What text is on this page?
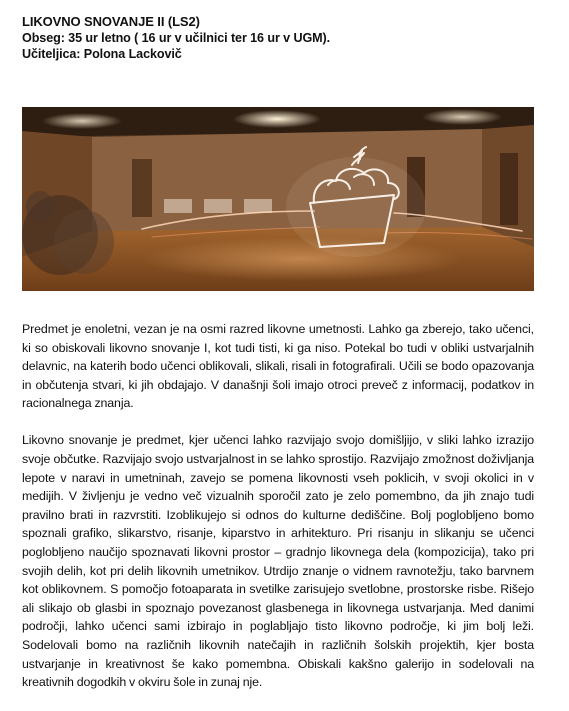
LIKOVNO SNOVANJE II (LS2)
Obseg: 35 ur letno ( 16 ur v učilnici ter 16 ur v UGM).
Učiteljica: Polona Lackovič

Predmet je enoletni, vezan je na osmi razred likovne umetnosti. Lahko ga zberejo, tako učenci, ki so obiskovali likovno snovanje I, kot tudi tisti, ki ga niso. Potekal bo tudi v obliki ustvarjalnih delavnic, na katerih bodo učenci oblikovali, slikali, risali in fotografirali. Učili se bodo opazovanja in občutenja stvari, ki jih obdajajo. V današnji šoli imajo otroci preveč z informacij, podatkov in racionalnega znanja.

Likovno snovanje je predmet, kjer učenci lahko razvijajo svojo domišljijo, v sliki lahko izrazijo svoje občutke. Razvijajo svojo ustvarjalnost in se lahko sprostijo. Razvijajo zmožnost doživljanja lepote v naravi in umetninah, zavejo se pomena likovnosti vseh poklicih, v svoji okolici in v medijih. V življenju je vedno več vizualnih sporočil zato je zelo pomembno, da jih znajo tudi pravilno brati in razvrstiti. Izoblikujejo si odnos do kulturne dediščine. Bolj poglobljeno bomo spoznali grafiko, slikarstvo, risanje, kiparstvo in arhitekturo. Pri risanju in slikanju se učenci poglobljeno naučijo spoznavati likovni prostor – gradnjo likovnega dela (kompozicija), tako pri svojih delih, kot pri delih likovnih umetnikov. Utrdijo znanje o vidnem ravnotežju, tako barvnem kot oblikovnem. S pomočjo fotoaparata in svetilke zarisujejo svetlobne, prostorske risbe. Rišejo ali slikajo ob glasbi in spoznajo povezanost glasbenega in likovnega ustvarjanja. Med danimi področji, lahko učenci sami izbirajo in poglabljajo tisto likovno področje, ki jim bolj leži. Sodelovali bomo na različnih likovnih natečajih in različnih šolskih projektih, kjer bosta ustvarjanje in kreativnost še kako pomembna. Obiskali kakšno galerijo in sodelovali na kreativnih dogodkih v okviru šole in zunaj nje.
